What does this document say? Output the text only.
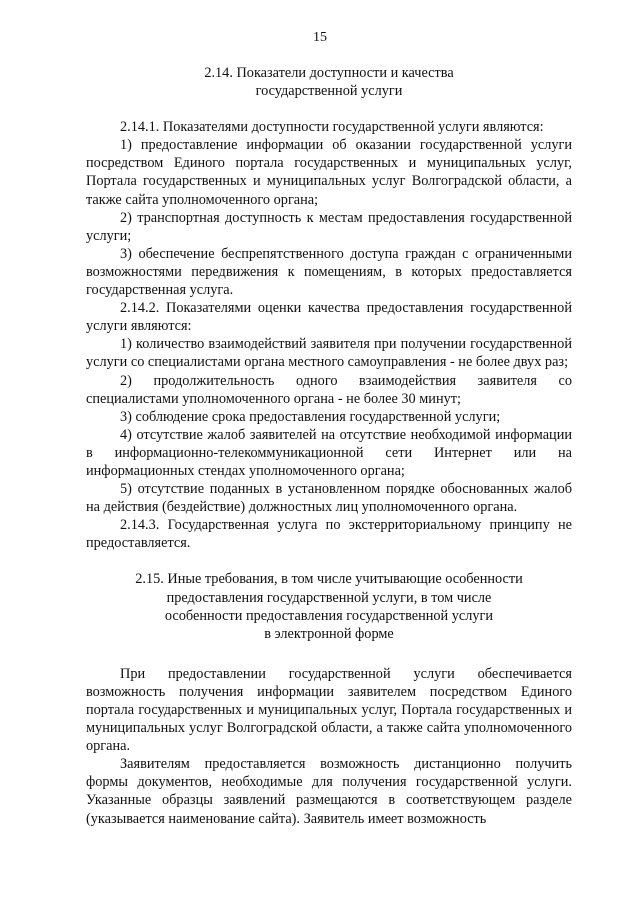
15
2.14. Показатели доступности и качества
государственной услуги

2.14.1. Показателями доступности государственной услуги являются:

1) предоставление информации об оказании государственной услуги посредством Единого портала государственных и муниципальных услуг, Портала государственных и муниципальных услуг Волгоградской области, а также сайта уполномоченного органа;

2) транспортная доступность к местам предоставления государственной услуги;

3) обеспечение беспрепятственного доступа граждан с ограниченными возможностями передвижения к помещениям, в которых предоставляется государственная услуга.

2.14.2. Показателями оценки качества предоставления государственной услуги являются:

1) количество взаимодействий заявителя при получении государственной услуги со специалистами органа местного самоуправления - не более двух раз;

2) продолжительность одного взаимодействия заявителя со специалистами уполномоченного органа - не более 30 минут;

3) соблюдение срока предоставления государственной услуги;

4) отсутствие жалоб заявителей на отсутствие необходимой информации в информационно-телекоммуникационной сети Интернет или на информационных стендах уполномоченного органа;

5) отсутствие поданных в установленном порядке обоснованных жалоб на действия (бездействие) должностных лиц уполномоченного органа.

2.14.3. Государственная услуга по экстерриториальному принципу не предоставляется.

2.15. Иные требования, в том числе учитывающие особенности
предоставления государственной услуги, в том числе
особенности предоставления государственной услуги
в электронной форме

При предоставлении государственной услуги обеспечивается возможность получения информации заявителем посредством Единого портала государственных и муниципальных услуг, Портала государственных и муниципальных услуг Волгоградской области, а также сайта уполномоченного органа.

Заявителям предоставляется возможность дистанционно получить формы документов, необходимые для получения государственной услуги. Указанные образцы заявлений размещаются в соответствующем разделе (указывается наименование сайта). Заявитель имеет возможность
